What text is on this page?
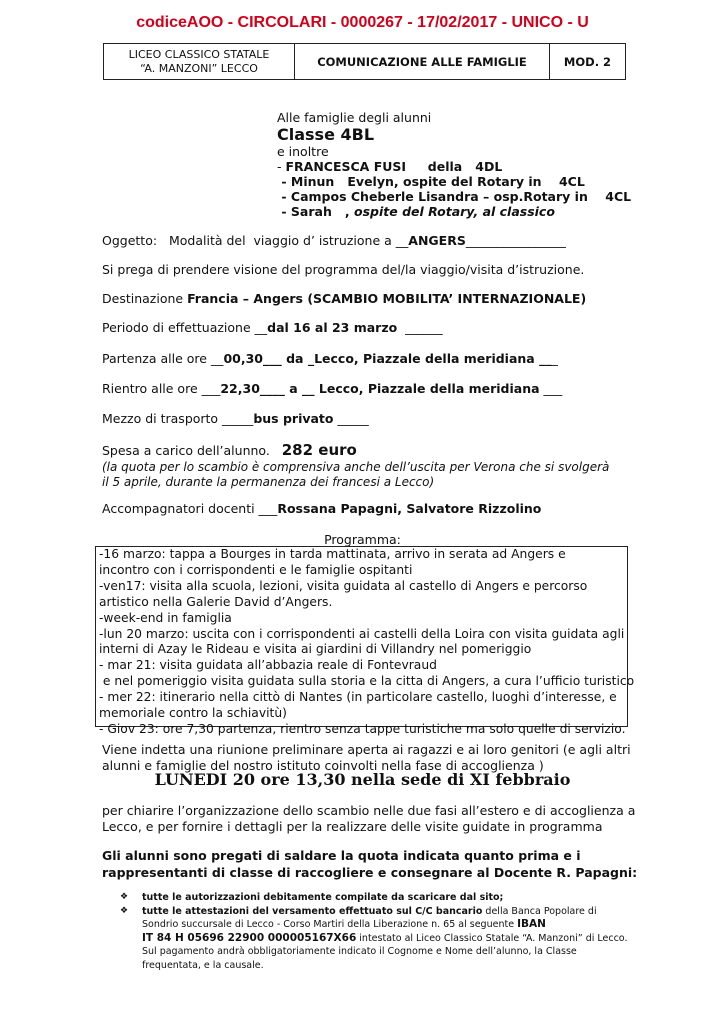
codiceAOO - CIRCOLARI - 0000267 - 17/02/2017 - UNICO - U
LICEO CLASSICO STATALE
“A. MANZONI” LECCO	COMUNICAZIONE ALLE FAMIGLIE	MOD. 2
Alle famiglie degli alunni
Classe 4BL
e inoltre
- FRANCESCA FUSI     della   4DL
- Minun   Evelyn, ospite del Rotary in    4CL
- Campos Cheberle Lisandra – osp.Rotary in    4CL
- Sarah   , ospite del Rotary, al classico
Oggetto:   Modalità del  viaggio d’ istruzione a __ANGERS________________
Si prega di prendere visione del programma del/la viaggio/visita d’istruzione.
Destinazione Francia – Angers (SCAMBIO MOBILITA’ INTERNAZIONALE)
Periodo di effettuazione __dal 16 al 23 marzo  ______
Partenza alle ore __00,30___ da _Lecco, Piazzale della meridiana ___
Rientro alle ore ___22,30____ a __ Lecco, Piazzale della meridiana ___
Mezzo di trasporto _____bus privato _____
Spesa a carico dell’alunno.   282 euro
(la quota per lo scambio è comprensiva anche dell’uscita per Verona che si svolgerà
il 5 aprile, durante la permanenza dei francesi a Lecco)
Accompagnatori docenti ___Rossana Papagni, Salvatore Rizzolino
Programma:
-16 marzo: tappa a Bourges in tarda mattinata, arrivo in serata ad Angers e
incontro con i corrispondenti e le famiglie ospitanti
-ven17: visita alla scuola, lezioni, visita guidata al castello di Angers e percorso
artistico nella Galerie David d’Angers.
-week-end in famiglia
-lun 20 marzo: uscita con i corrispondenti ai castelli della Loira con visita guidata agli
interni di Azay le Rideau e visita ai giardini di Villandry nel pomeriggio
- mar 21: visita guidata all’abbazia reale di Fontevraud
e nel pomeriggio visita guidata sulla storia e la citta di Angers, a cura l’ufficio turistico
- mer 22: itinerario nella cittò di Nantes (in particolare castello, luoghi d’interesse, e
memoriale contro la schiavitù)
- Giov 23: ore 7,30 partenza, rientro senza tappe turistiche ma solo quelle di servizio.
Viene indetta una riunione preliminare aperta ai ragazzi e ai loro genitori (e agli altri
alunni e famiglie del nostro istituto coinvolti nella fase di accoglienza )
LUNEDI 20 ore 13,30 nella sede di XI febbraio
per chiarire l’organizzazione dello scambio nelle due fasi all’estero e di accoglienza a
Lecco, e per fornire i dettagli per la realizzare delle visite guidate in programma
Gli alunni sono pregati di saldare la quota indicata quanto prima e i
rappresentanti di classe di raccogliere e consegnare al Docente R. Papagni:
❖ tutte le autorizzazioni debitamente compilate da scaricare dal sito;
❖ tutte le attestazioni del versamento effettuato sul C/C bancario della Banca Popolare di Sondrio succursale di Lecco - Corso Martiri della Liberazione n. 65 al seguente IBAN
IT 84 H 05696 22900 000005167X66 intestato al Liceo Classico Statale “A. Manzoni” di Lecco. Sul pagamento andrà obbligatoriamente indicato il Cognome e Nome dell’alunno, la Classe frequentata, e la causale.
